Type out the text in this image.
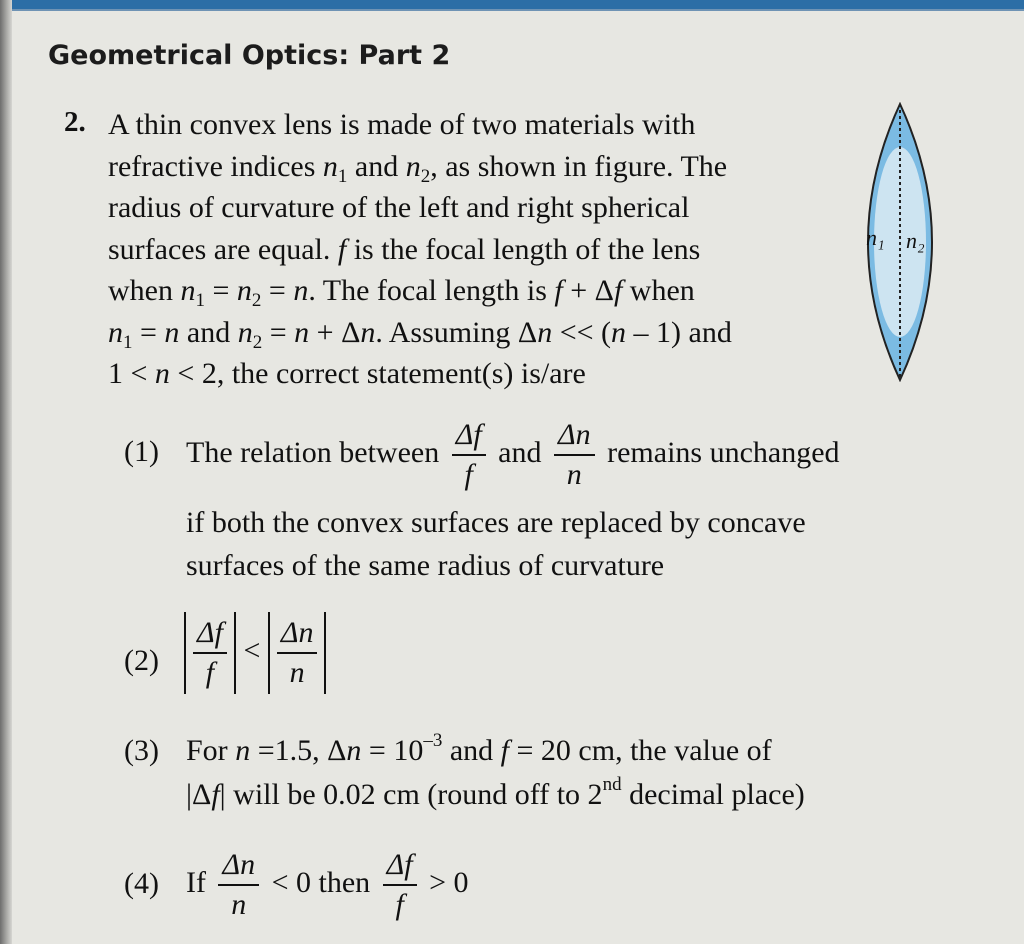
Geometrical Optics: Part 2
2. A thin convex lens is made of two materials with
refractive indices $n_1$ and $n_2$, as shown in figure. The
radius of curvature of the left and right spherical
surfaces are equal. f is the focal length of the lens
when $n_1 = n_2 = n$. The focal length is f + Δf when
$n_1 = n$ and $n_2 = n + \Delta n$. Assuming Δn << (n – 1) and
1 < n < 2, the correct statement(s) is/are
n₁ n₂
(1) The relation between $\frac{\Delta f}{f}$ and $\frac{\Delta n}{n}$ remains unchanged
if both the convex surfaces are replaced by concave
surfaces of the same radius of curvature
$(2) \frac{\Delta f}{f} < \frac{\Delta n}{n}$
(3) For n =1.5, $\Delta n = 10^{-3}$ and f = 20 cm, the value of
|Δf| will be 0.02 cm (round off to 2nd decimal place)
(4) If $\frac{\Delta n}{n} < 0$ then $\frac{\Delta f}{f} > 0$
